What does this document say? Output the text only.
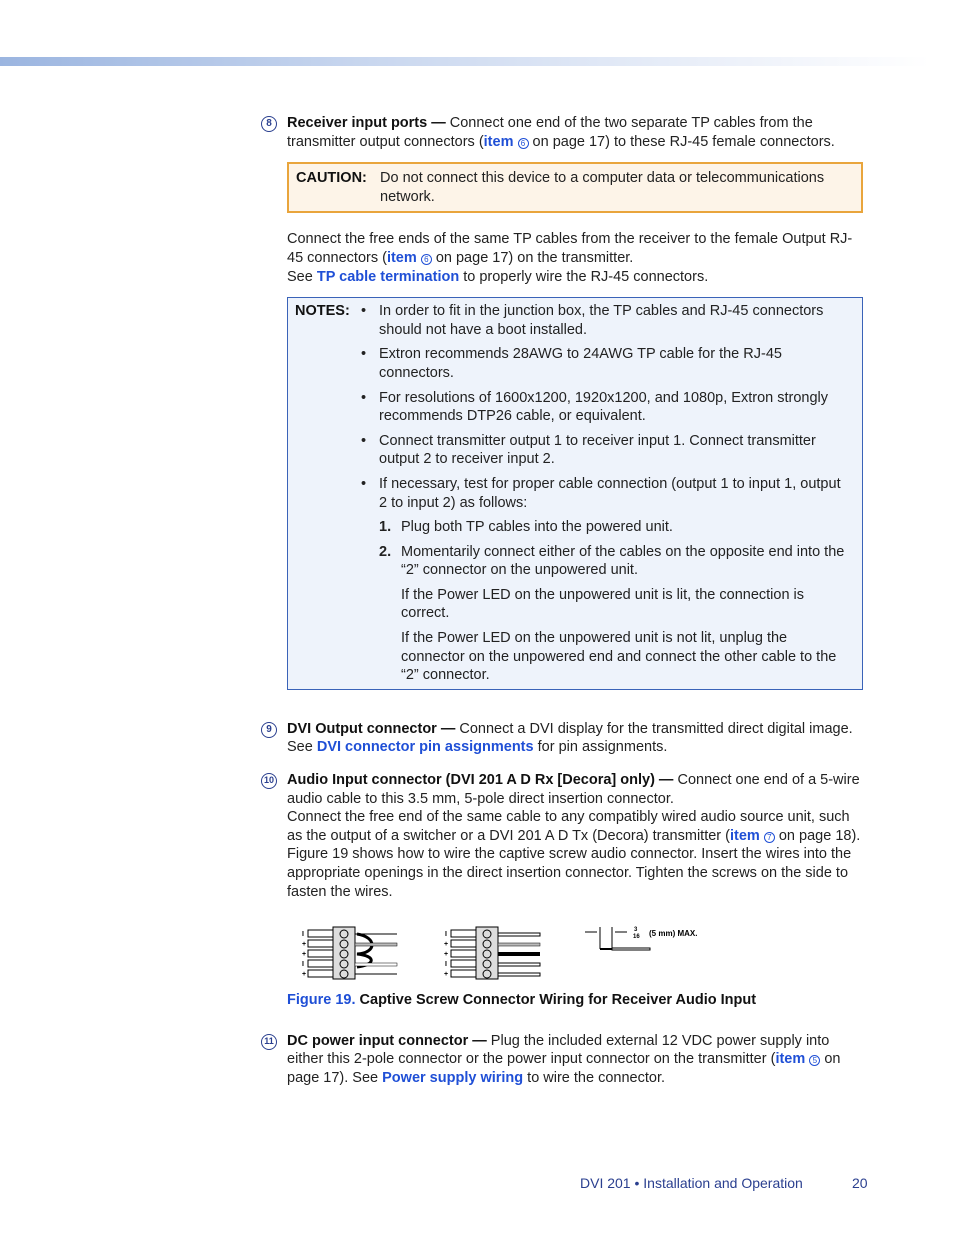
8	Receiver input ports — Connect one end of the two separate TP cables from the transmitter output connectors (item 6 on page 17) to these RJ-45 female connectors.
CAUTION: Do not connect this device to a computer data or telecommunications network.
Connect the free ends of the same TP cables from the receiver to the female Output RJ-45 connectors (item 6 on page 17) on the transmitter.
See TP cable termination to properly wire the RJ-45 connectors.
NOTES: • In order to fit in the junction box, the TP cables and RJ-45 connectors should not have a boot installed.
• Extron recommends 28AWG to 24AWG TP cable for the RJ-45 connectors.
• For resolutions of 1600x1200, 1920x1200, and 1080p, Extron strongly recommends DTP26 cable, or equivalent.
• Connect transmitter output 1 to receiver input 1. Connect transmitter output 2 to receiver input 2.
• If necessary, test for proper cable connection (output 1 to input 1, output 2 to input 2) as follows:
1. Plug both TP cables into the powered unit.
2. Momentarily connect either of the cables on the opposite end into the “2” connector on the unpowered unit.
If the Power LED on the unpowered unit is lit, the connection is correct.
If the Power LED on the unpowered unit is not lit, unplug the connector on the unpowered end and connect the other cable to the “2” connector.
9	DVI Output connector — Connect a DVI display for the transmitted direct digital image. See DVI connector pin assignments for pin assignments.
10 Audio Input connector (DVI 201 A D Rx [Decora] only) — Connect one end of a 5-wire audio cable to this 3.5 mm, 5-pole direct insertion connector.
Connect the free end of the same cable to any compatibly wired audio source unit, such as the output of a switcher or a DVI 201 A D Tx (Decora) transmitter (item 7 on page 18).
Figure 19 shows how to wire the captive screw audio connector. Insert the wires into the appropriate openings in the direct insertion connector. Tighten the screws on the side to fasten the wires.
I
+
+
I
+
I
+
+
I
+
3
16 (5 mm) MAX.
Figure 19. Captive Screw Connector Wiring for Receiver Audio Input
11 DC power input connector — Plug the included external 12 VDC power supply into either this 2-pole connector or the power input connector on the transmitter (item 5 on page 17). See Power supply wiring to wire the connector.
DVI 201 • Installation and Operation	20
